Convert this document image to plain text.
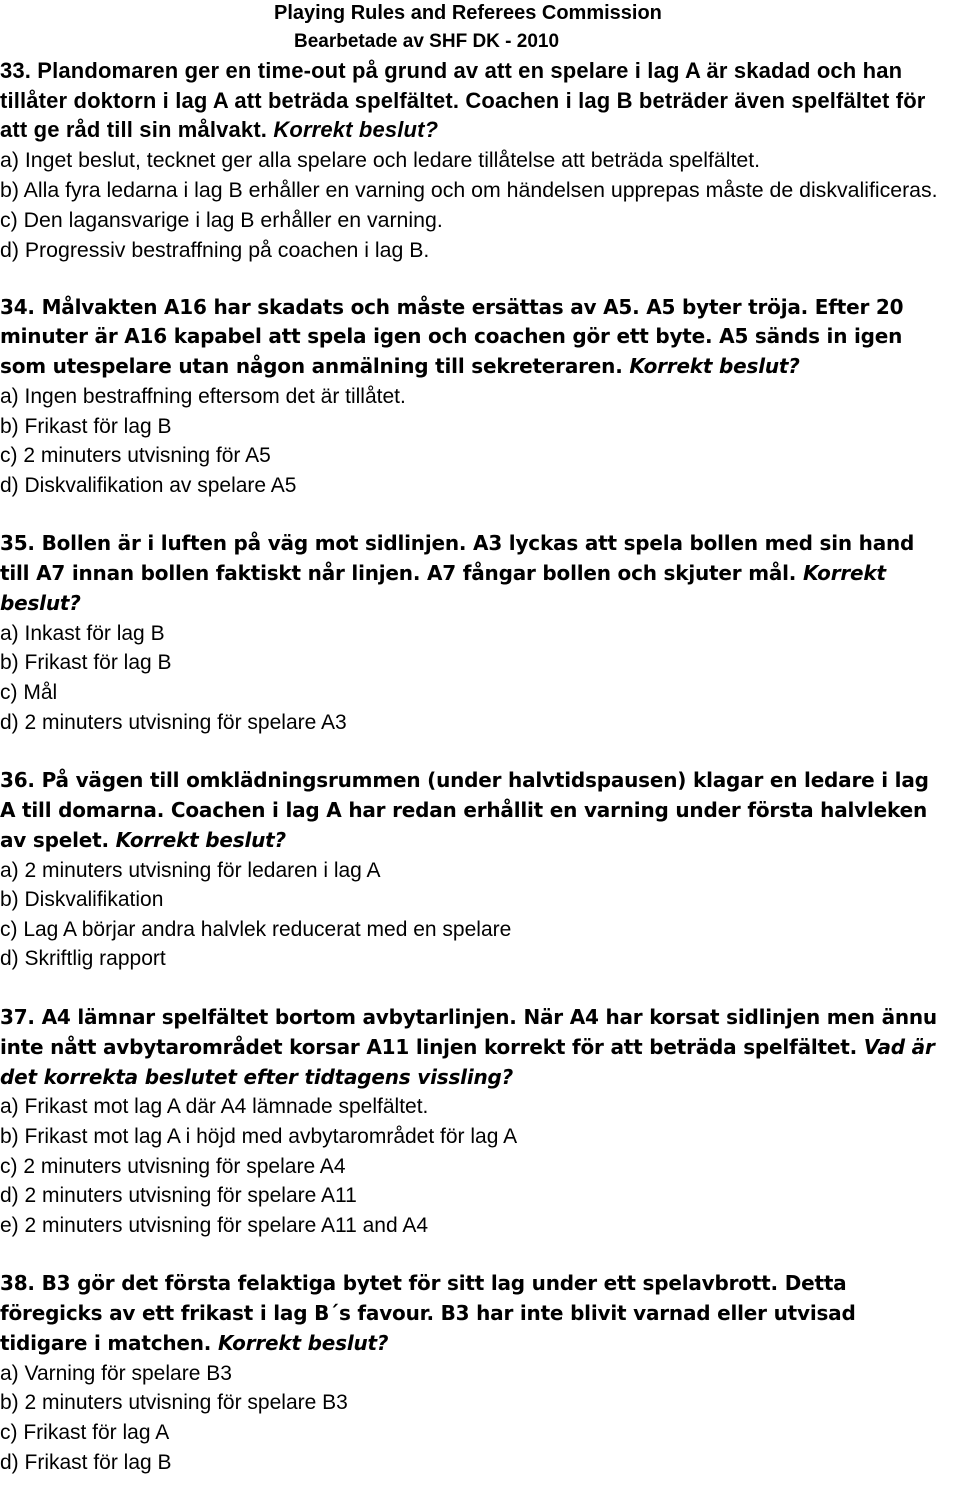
Playing Rules and Referees Commission
Bearbetade av SHF DK - 2010

33. Plandomaren ger en time-out på grund av att en spelare i lag A är skadad och han tillåter doktorn i lag A att beträda spelfältet. Coachen i lag B beträder även spelfältet för att ge råd till sin målvakt. Korrekt beslut?

a) Inget beslut, tecknet ger alla spelare och ledare tillåtelse att beträda spelfältet.
b) Alla fyra ledarna i lag B erhåller en varning och om händelsen upprepas måste de diskvalificeras.
c) Den lagansvarige i lag B erhåller en varning.
d) Progressiv bestraffning på coachen i lag B.

34. Målvakten A16 har skadats och måste ersättas av A5. A5 byter tröja. Efter 20 minuter är A16 kapabel att spela igen och coachen gör ett byte. A5 sänds in igen som utespelare utan någon anmälning till sekreteraren. Korrekt beslut?

a) Ingen bestraffning eftersom det är tillåtet.
b) Frikast för lag B
c) 2 minuters utvisning för A5
d) Diskvalifikation av spelare A5

35. Bollen är i luften på väg mot sidlinjen. A3 lyckas att spela bollen med sin hand till A7 innan bollen faktiskt når linjen. A7 fångar bollen och skjuter mål. Korrekt beslut?

a) Inkast för lag B
b) Frikast för lag B
c) Mål
d) 2 minuters utvisning för spelare A3

36. På vägen till omklädningsrummen (under halvtidspausen) klagar en ledare i lag A till domarna. Coachen i lag A har redan erhållit en varning under första halvleken av spelet. Korrekt beslut?

a) 2 minuters utvisning för ledaren i lag A
b) Diskvalifikation
c) Lag A börjar andra halvlek reducerat med en spelare
d) Skriftlig rapport

37. A4 lämnar spelfältet bortom avbytarlinjen. När A4 har korsat sidlinjen men ännu inte nått avbytarområdet korsar A11 linjen korrekt för att beträda spelfältet. Vad är det korrekta beslutet efter tidtagens vissling?

a) Frikast mot lag A där A4 lämnade spelfältet.
b) Frikast mot lag A i höjd med avbytarområdet för lag A
c) 2 minuters utvisning för spelare A4
d) 2 minuters utvisning för spelare A11
e) 2 minuters utvisning för spelare A11 and A4

38. B3 gör det första felaktiga bytet för sitt lag under ett spelavbrott. Detta föregicks av ett frikast i lag B´s favour. B3 har inte blivit varnad eller utvisad tidigare i matchen. Korrekt beslut?

a) Varning för spelare B3
b) 2 minuters utvisning för spelare B3
c) Frikast för lag A
d) Frikast för lag B
